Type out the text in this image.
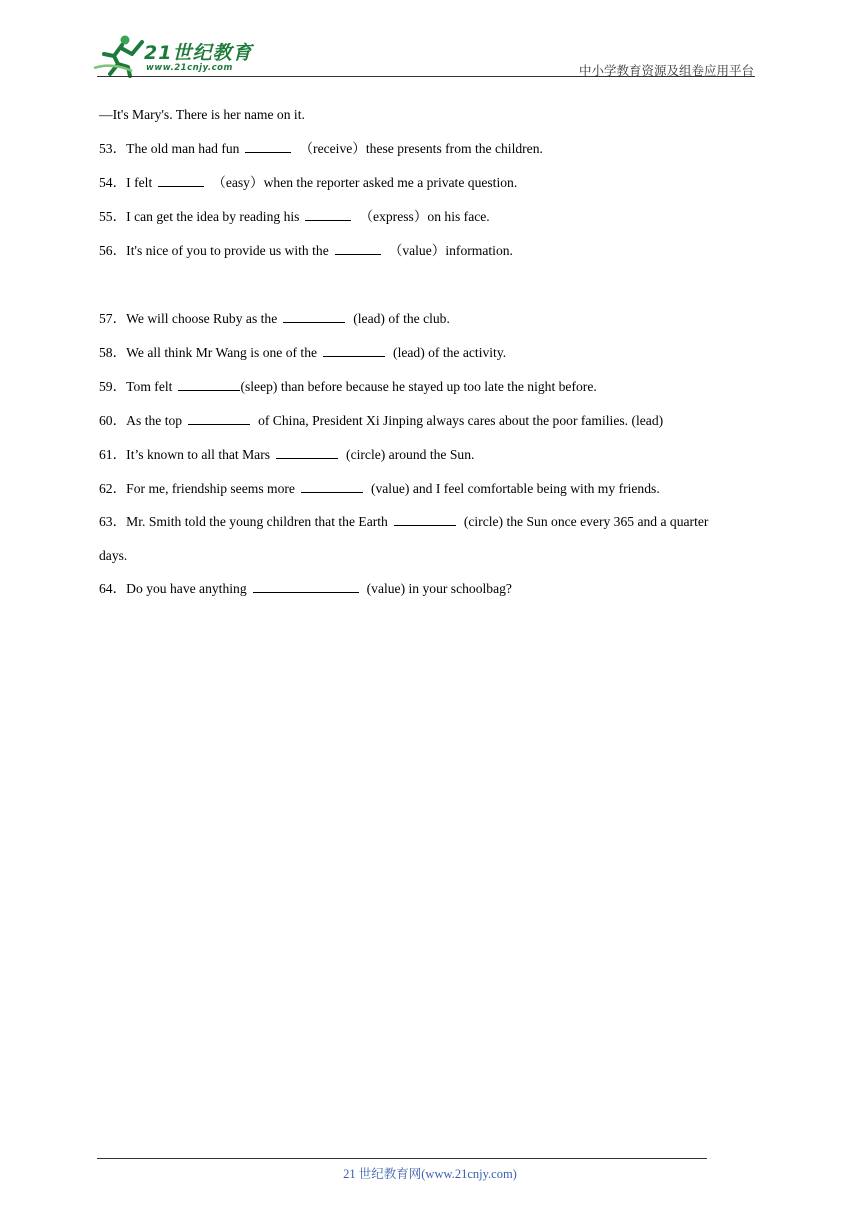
21世纪教育
www.21cnjy.com	中小学教育资源及组卷应用平台
—It's Mary's. There is her name on it.
53．The old man had fun	（receive）these presents from the children.
54．I felt	（easy）when the reporter asked me a private question.
55．I can get the idea by reading his	（express）on his face.
56．It's nice of you to provide us with the	（value）information.
57．We will choose Ruby as the	(lead) of the club.
58．We all think Mr Wang is one of the	(lead) of the activity.
59．Tom felt	(sleep) than before because he stayed up too late the night before.
60．As the top	of China, President Xi Jinping always cares about the poor families. (lead)
61．It’s known to all that Mars	(circle) around the Sun.
62．For me, friendship seems more	(value) and I feel comfortable being with my friends.
63．Mr. Smith told the young children that the Earth	(circle) the Sun once every 365 and a quarter days.
64．Do you have anything	(value) in your schoolbag?
21 世纪教育网(www.21cnjy.com)
